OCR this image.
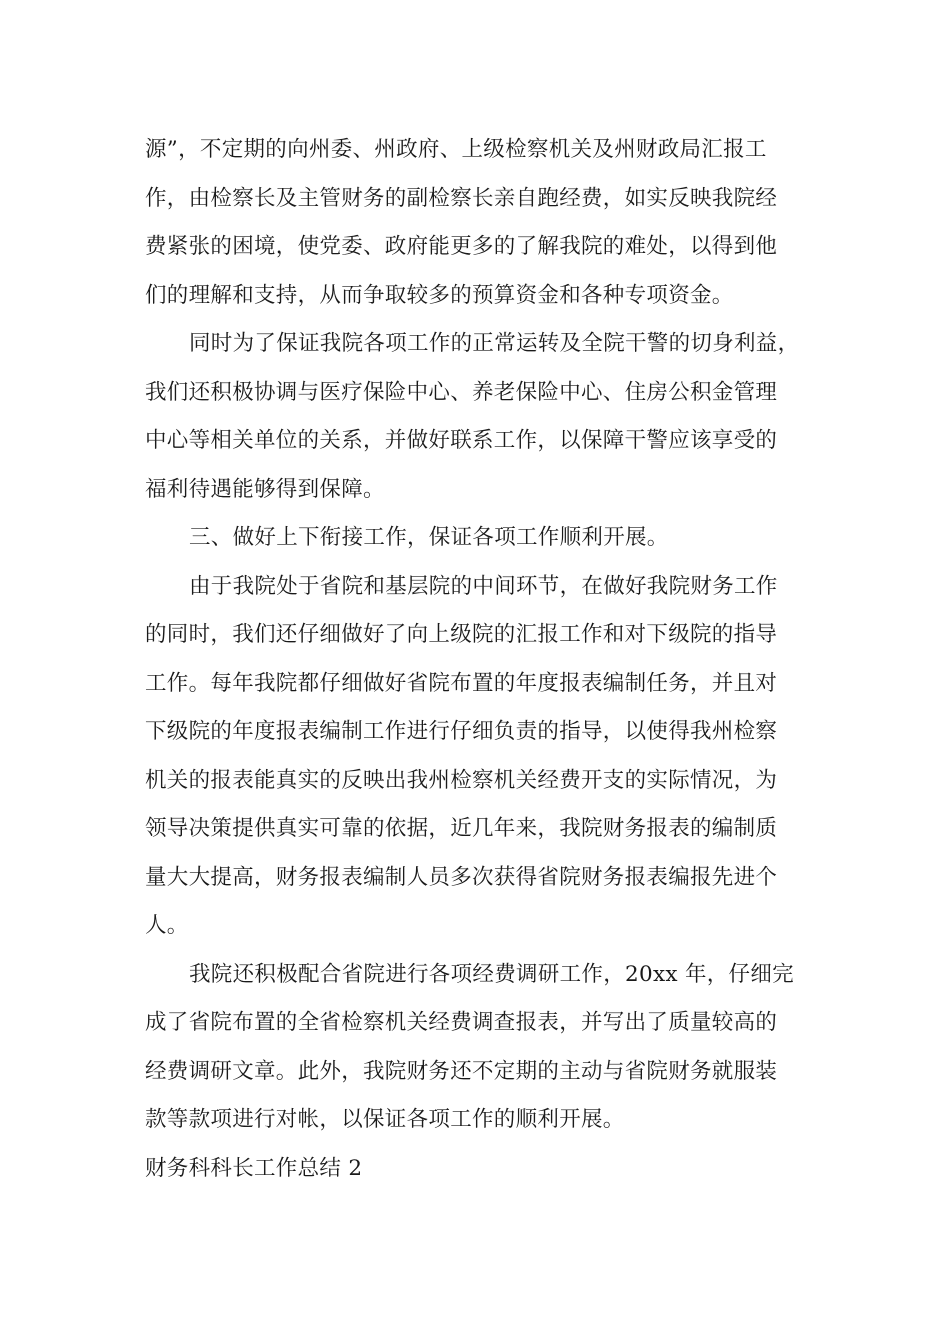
源”，不定期的向州委、州政府、上级检察机关及州财政局汇报工
作，由检察长及主管财务的副检察长亲自跑经费，如实反映我院经
费紧张的困境，使党委、政府能更多的了解我院的难处，以得到他
们的理解和支持，从而争取较多的预算资金和各种专项资金。

同时为了保证我院各项工作的正常运转及全院干警的切身利益，
我们还积极协调与医疗保险中心、养老保险中心、住房公积金管理
中心等相关单位的关系，并做好联系工作，以保障干警应该享受的
福利待遇能够得到保障。

三、做好上下衔接工作，保证各项工作顺利开展。

由于我院处于省院和基层院的中间环节，在做好我院财务工作
的同时，我们还仔细做好了向上级院的汇报工作和对下级院的指导
工作。每年我院都仔细做好省院布置的年度报表编制任务，并且对
下级院的年度报表编制工作进行仔细负责的指导，以使得我州检察
机关的报表能真实的反映出我州检察机关经费开支的实际情况，为
领导决策提供真实可靠的依据，近几年来，我院财务报表的编制质
量大大提高，财务报表编制人员多次获得省院财务报表编报先进个
人。

我院还积极配合省院进行各项经费调研工作，20xx 年，仔细完
成了省院布置的全省检察机关经费调查报表，并写出了质量较高的
经费调研文章。此外，我院财务还不定期的主动与省院财务就服装
款等款项进行对帐，以保证各项工作的顺利开展。

财务科科长工作总结 2
